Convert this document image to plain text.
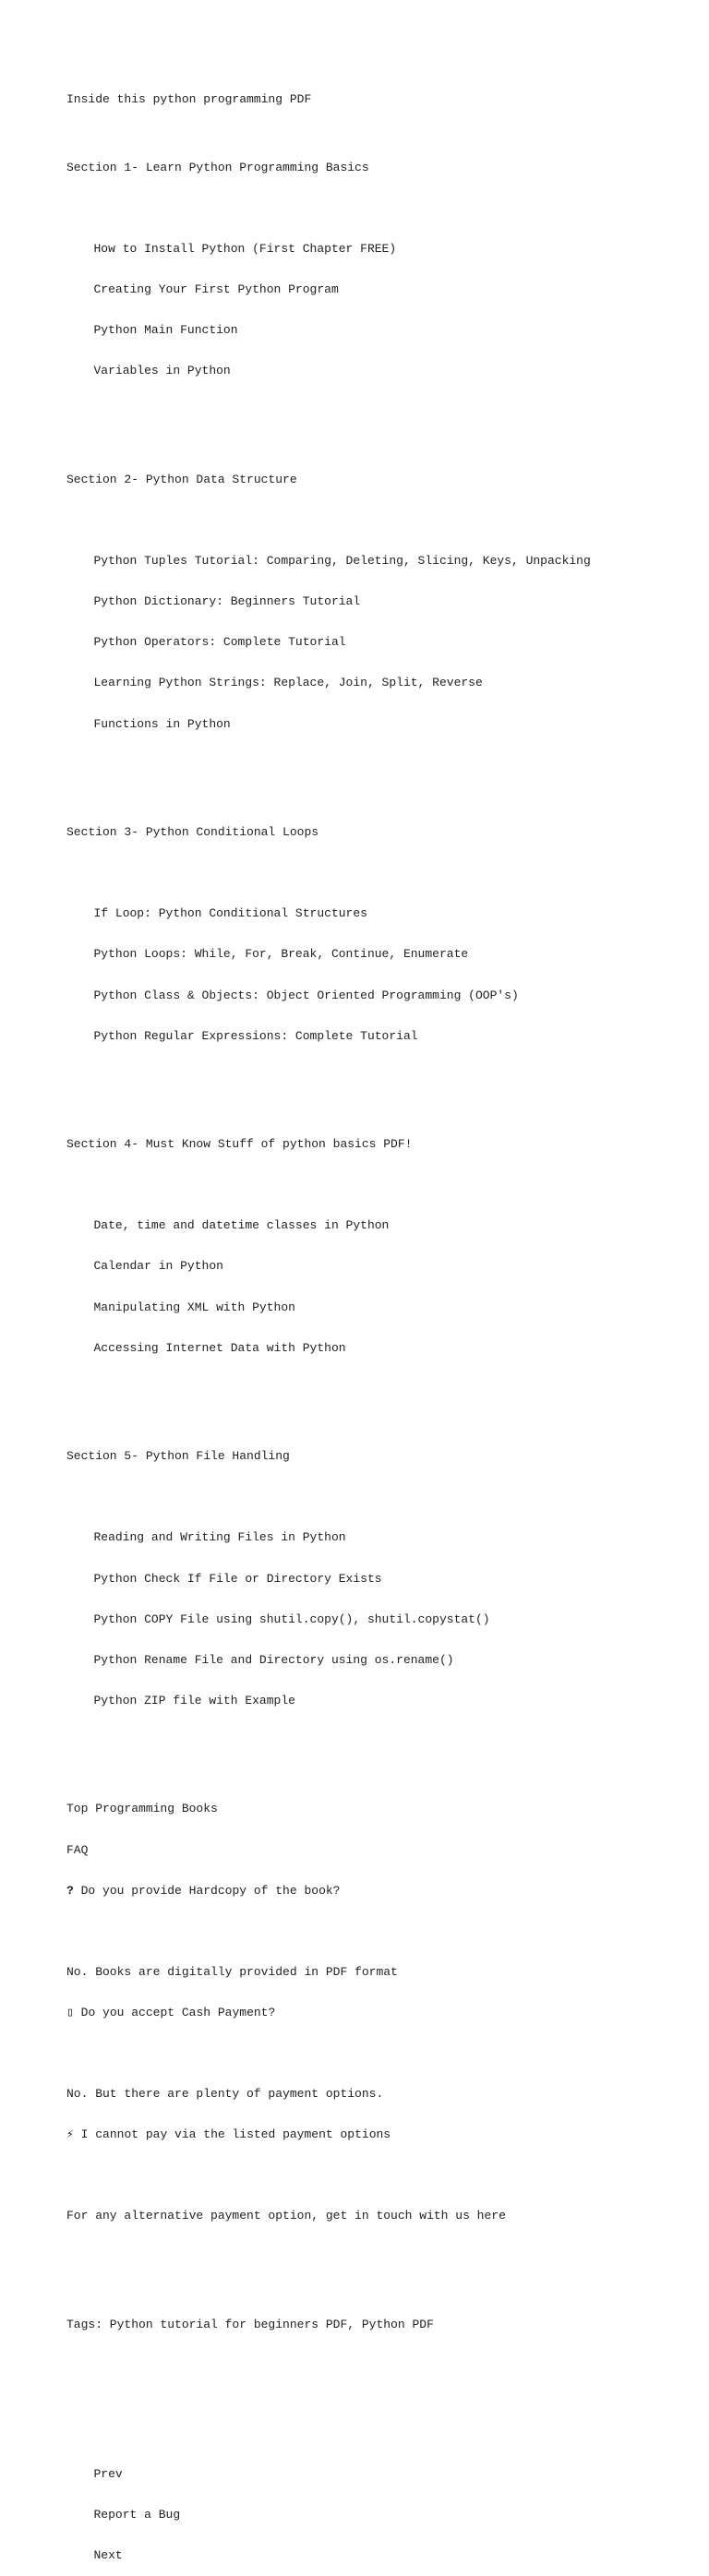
Inside this python programming PDF

Section 1- Learn Python Programming Basics

How to Install Python (First Chapter FREE)

Creating Your First Python Program

Python Main Function

Variables in Python

Section 2- Python Data Structure

Python Tuples Tutorial: Comparing, Deleting, Slicing, Keys, Unpacking

Python Dictionary: Beginners Tutorial

Python Operators: Complete Tutorial

Learning Python Strings: Replace, Join, Split, Reverse

Functions in Python

Section 3- Python Conditional Loops

If Loop: Python Conditional Structures

Python Loops: While, For, Break, Continue, Enumerate

Python Class & Objects: Object Oriented Programming (OOP's)

Python Regular Expressions: Complete Tutorial

Section 4- Must Know Stuff of python basics PDF!

Date, time and datetime classes in Python

Calendar in Python

Manipulating XML with Python

Accessing Internet Data with Python

Section 5- Python File Handling

Reading and Writing Files in Python

Python Check If File or Directory Exists

Python COPY File using shutil.copy(), shutil.copystat()

Python Rename File and Directory using os.rename()

Python ZIP file with Example

Top Programming Books

FAQ

? Do you provide Hardcopy of the book?

No. Books are digitally provided in PDF format

▯ Do you accept Cash Payment?

No. But there are plenty of payment options.

⚡ I cannot pay via the listed payment options

For any alternative payment option, get in touch with us here

Tags: Python tutorial for beginners PDF, Python PDF

Prev

Report a Bug

Next
